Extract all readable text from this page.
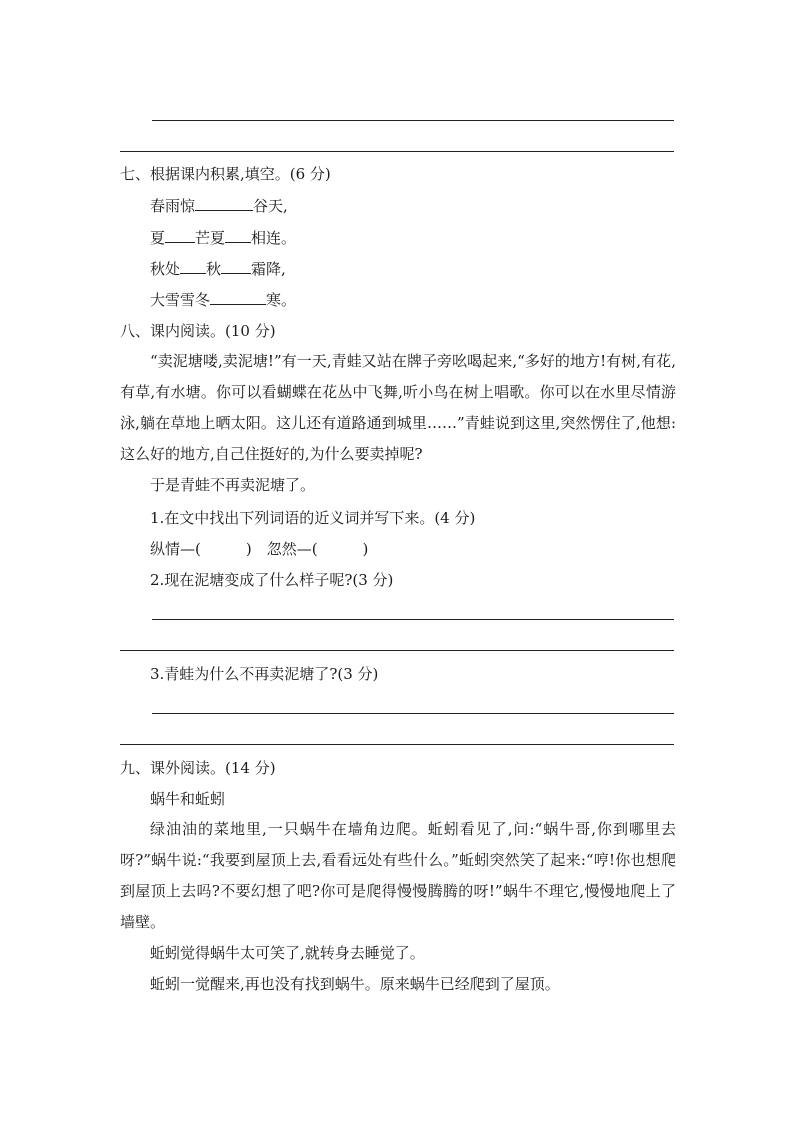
七、根据课内积累,填空。(6 分)
春雨惊	谷天,
夏 芒夏 相连。
秋处 秋 霜降,
大雪雪冬	寒。
八、课内阅读。(10 分)

“卖泥塘喽,卖泥塘!”有一天,青蛙又站在牌子旁吆喝起来,“多好的地方!有树,有花,有草,有水塘。你可以看蝴蝶在花丛中飞舞,听小鸟在树上唱歌。你可以在水里尽情游泳,躺在草地上晒太阳。这儿还有道路通到城里……”青蛙说到这里,突然愣住了,他想:这么好的地方,自己住挺好的,为什么要卖掉呢?

于是青蛙不再卖泥塘了。

1.在文中找出下列词语的近义词并写下来。(4 分)
纵情—(　　　)　忽然—(　　　)
2.现在泥塘变成了什么样子呢?(3 分)
3.青蛙为什么不再卖泥塘了?(3 分)
九、课外阅读。(14 分)
蜗牛和蚯蚓

绿油油的菜地里,一只蜗牛在墙角边爬。蚯蚓看见了,问:“蜗牛哥,你到哪里去呀?”蜗牛说:“我要到屋顶上去,看看远处有些什么。”蚯蚓突然笑了起来:“哼!你也想爬到屋顶上去吗?不要幻想了吧?你可是爬得慢慢腾腾的呀!”蜗牛不理它,慢慢地爬上了墙壁。

蚯蚓觉得蜗牛太可笑了,就转身去睡觉了。

蚯蚓一觉醒来,再也没有找到蜗牛。原来蜗牛已经爬到了屋顶。
